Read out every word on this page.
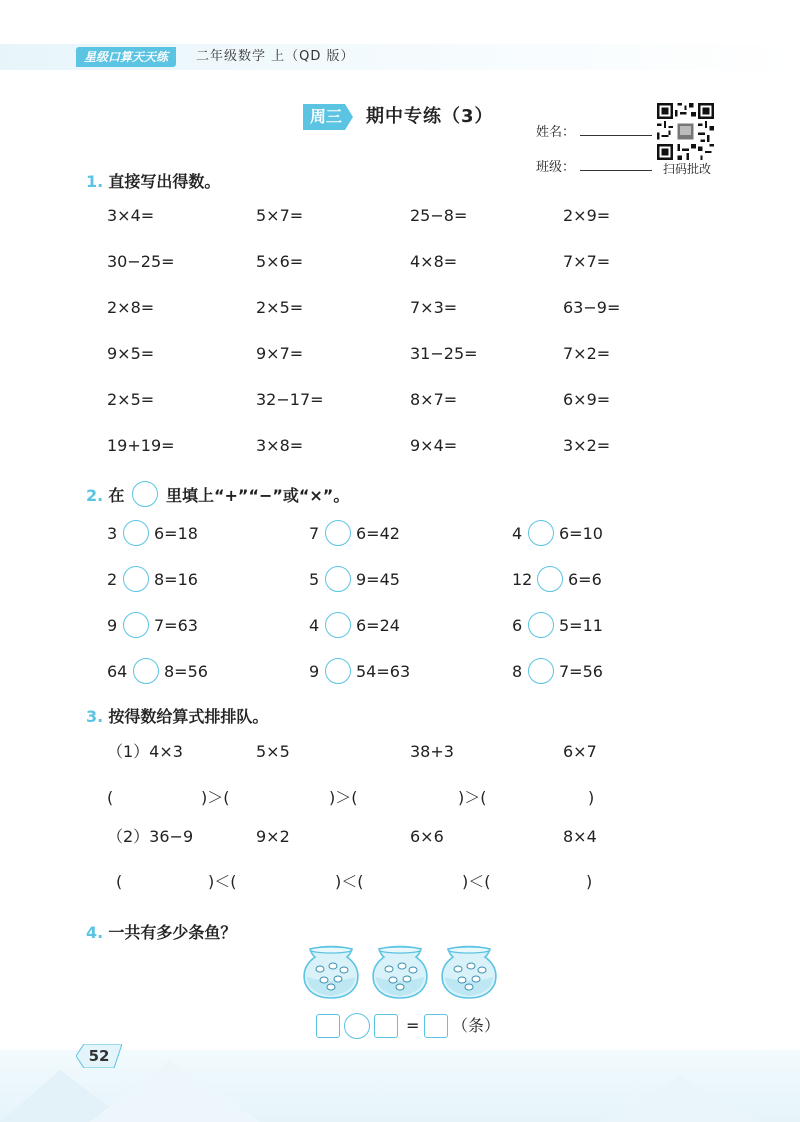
星级口算天天练	二年级数学 上（QD 版）
周三 期中专练（3）
姓名：
班级：	扫码批改
1. 直接写出得数。
3×4=	5×7=	25−8=	2×9=
30−25=	5×6=	4×8=	7×7=
2×8=	2×5=	7×3=	63−9=
9×5=	9×7=	31−25=	7×2=
2×5=	32−17=	8×7=	6×9=
19+19=	3×8=	9×4=	3×2=
2. 在	里填上“+”“−”或“×”。
3 6=18	7 6=42	4 6=10
2 8=16	5 9=45	12 6=6
9 7=63	4 6=24	6 5=11
64 8=56	9 54=63	8 7=56
3. 按得数给算式排排队。
（1）4×3	5×5	38+3	6×7
(	)＞(	)＞(	)＞(	)
（2）36−9	9×2	6×6	8×4
(	)＜(	)＜(	)＜(	)
4. 一共有多少条鱼？
= （条）
52
